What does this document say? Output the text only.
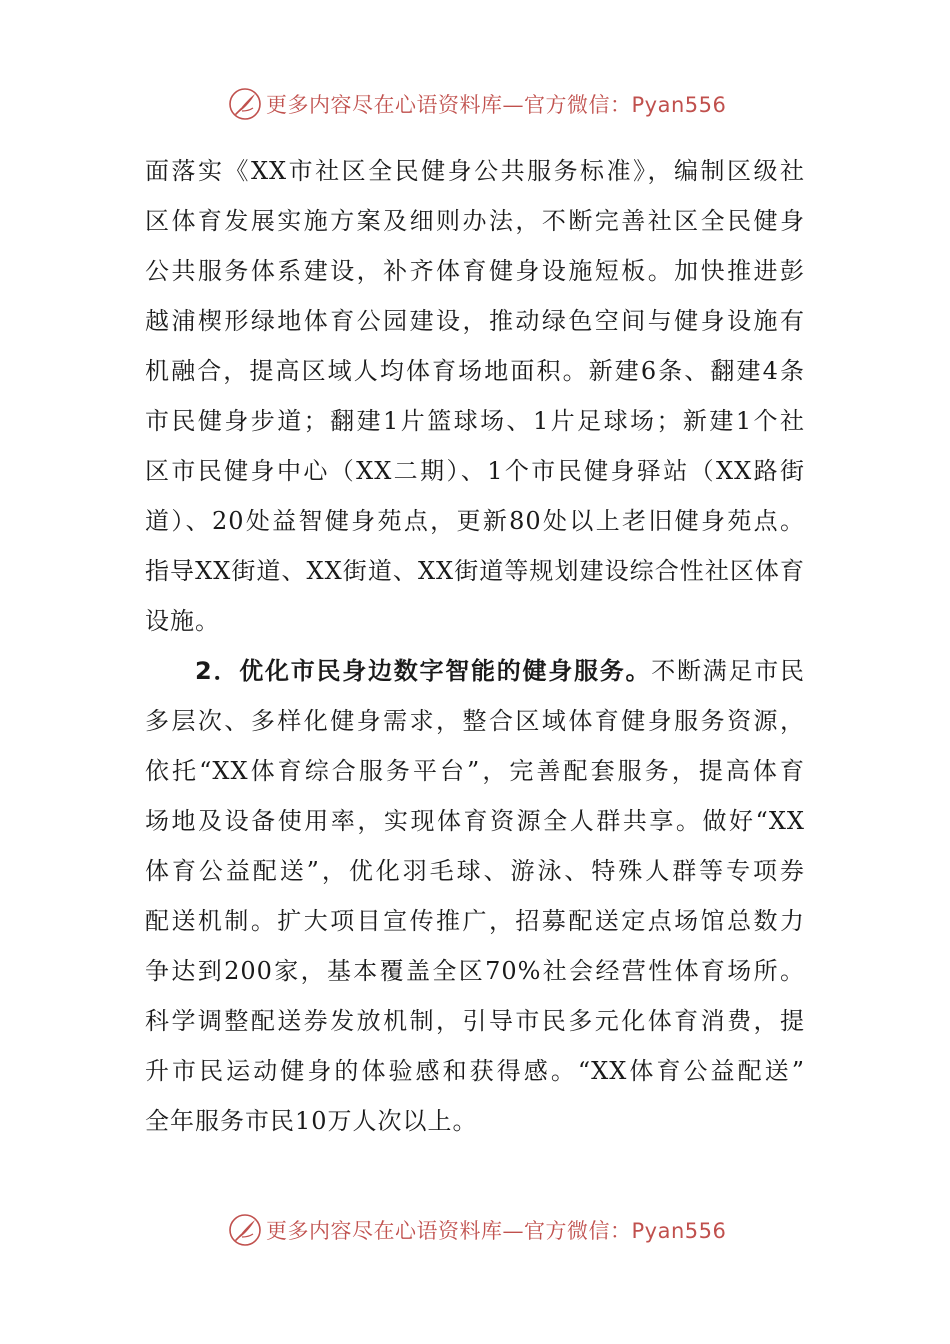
更多内容尽在心语资料库—官方微信：Pyan556
面落实《XX市社区全民健身公共服务标准》，编制区级社
区体育发展实施方案及细则办法，不断完善社区全民健身
公共服务体系建设，补齐体育健身设施短板。加快推进彭
越浦楔形绿地体育公园建设，推动绿色空间与健身设施有
机融合，提高区域人均体育场地面积。新建6条、翻建4条
市民健身步道；翻建1片篮球场、1片足球场；新建1个社
区市民健身中心（XX二期）、1个市民健身驿站（XX路街
道）、20处益智健身苑点，更新80处以上老旧健身苑点。
指导XX街道、XX街道、XX街道等规划建设综合性社区体育
设施。
2．优化市民身边数字智能的健身服务。不断满足市民
多层次、多样化健身需求，整合区域体育健身服务资源，
依托“XX体育综合服务平台”，完善配套服务，提高体育
场地及设备使用率，实现体育资源全人群共享。做好“XX
体育公益配送”，优化羽毛球、游泳、特殊人群等专项券
配送机制。扩大项目宣传推广，招募配送定点场馆总数力
争达到200家，基本覆盖全区70%社会经营性体育场所。
科学调整配送券发放机制，引导市民多元化体育消费，提
升市民运动健身的体验感和获得感。“XX体育公益配送”
全年服务市民10万人次以上。
更多内容尽在心语资料库—官方微信：Pyan556
